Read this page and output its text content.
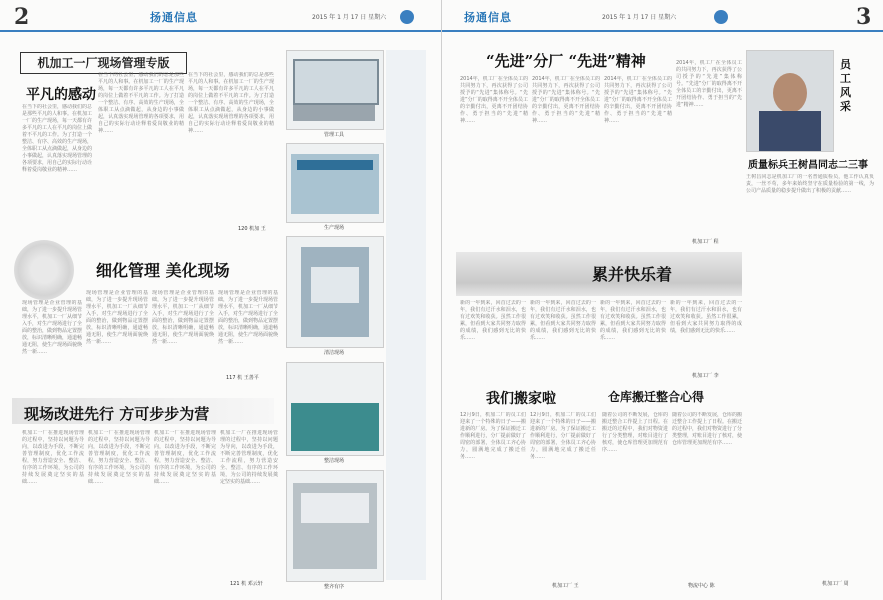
2	扬通信息	2015 年 1 月 17 日 星期六
机加工一厂现场管理专版
平凡的感动
在当下的社会里，感动我们的总是那些平凡的人和事。在机加工一厂的生产现场，每一天都有许多平凡的工人在平凡的岗位上做着不平凡的工作。为了打造一个整洁、有序、高效的生产现场，全体职工从点滴做起，从身边的小事做起，认真落实现场管理的各项要求，用自己的实际行动诠释着爱岗敬业的精神……
在当下的社会里，感动我们的总是那些平凡的人和事。在机加工一厂的生产现场，每一天都有许多平凡的工人在平凡的岗位上做着不平凡的工作。为了打造一个整洁、有序、高效的生产现场，全体职工从点滴做起，从身边的小事做起，认真落实现场管理的各项要求，用自己的实际行动诠释着爱岗敬业的精神……
在当下的社会里，感动我们的总是那些平凡的人和事。在机加工一厂的生产现场，每一天都有许多平凡的工人在平凡的岗位上做着不平凡的工作。为了打造一个整洁、有序、高效的生产现场，全体职工从点滴做起，从身边的小事做起，认真落实现场管理的各项要求，用自己的实际行动诠释着爱岗敬业的精神……
120 机加 王
细化管理 美化现场
现场管理是企业管理的基础，为了进一步提升现场管理水平，机加工一厂从细节入手，对生产现场进行了全面的整治，做到物品定置摆放，标识清晰明确，通道畅通无阻，使生产现场面貌焕然一新……
现场管理是企业管理的基础，为了进一步提升现场管理水平，机加工一厂从细节入手，对生产现场进行了全面的整治，做到物品定置摆放，标识清晰明确，通道畅通无阻，使生产现场面貌焕然一新……
现场管理是企业管理的基础，为了进一步提升现场管理水平，机加工一厂从细节入手，对生产现场进行了全面的整治，做到物品定置摆放，标识清晰明确，通道畅通无阻，使生产现场面貌焕然一新……
现场管理是企业管理的基础，为了进一步提升现场管理水平，机加工一厂从细节入手，对生产现场进行了全面的整治，做到物品定置摆放，标识清晰明确，通道畅通无阻，使生产现场面貌焕然一新……
117 机 王善平
现场改进先行 方可步步为营
机加工一厂在推进现场管理的过程中，坚持以问题为导向，以改进为手段，不断完善管理制度，优化工作流程，努力营造安全、整洁、有序的工作环境，为公司的持续发展奠定坚实的基础……
机加工一厂在推进现场管理的过程中，坚持以问题为导向，以改进为手段，不断完善管理制度，优化工作流程，努力营造安全、整洁、有序的工作环境，为公司的持续发展奠定坚实的基础……
机加工一厂在推进现场管理的过程中，坚持以问题为导向，以改进为手段，不断完善管理制度，优化工作流程，努力营造安全、整洁、有序的工作环境，为公司的持续发展奠定坚实的基础……
机加工一厂在推进现场管理的过程中，坚持以问题为导向，以改进为手段，不断完善管理制度，优化工作流程，努力营造安全、整洁、有序的工作环境，为公司的持续发展奠定坚实的基础……
121 机 邓云轩
管理工具
生产现场
清洁现场
整洁现场
整齐有序
扬通信息	2015 年 1 月 17 日 星期六	3
“先进”分厂 “先进”精神
2014年，机工厂在全体员工的共同努力下，再次获得了公司授予的“先进”集体称号。“先进”分厂的取得离不开全体员工的辛勤付出，更离不开团结协作、勇于担当的“先进”精神……
2014年，机工厂在全体员工的共同努力下，再次获得了公司授予的“先进”集体称号。“先进”分厂的取得离不开全体员工的辛勤付出，更离不开团结协作、勇于担当的“先进”精神……
2014年，机工厂在全体员工的共同努力下，再次获得了公司授予的“先进”集体称号。“先进”分厂的取得离不开全体员工的辛勤付出，更离不开团结协作、勇于担当的“先进”精神……
2014年，机工厂在全体员工的共同努力下，再次获得了公司授予的“先进”集体称号。“先进”分厂的取得离不开全体员工的辛勤付出，更离不开团结协作、勇于担当的“先进”精神……
机加工厂 程
员工风采
质量标兵王树昌同志二三事
王树昌同志是机加工厂的一名普通质检员，他工作认真负责，一丝不苟，多年来始终坚守在质量检验的第一线，为公司产品质量的稳步提升做出了积极的贡献……
机加工厂 周
累并快乐着
新的一年到来，回首过去的一年，我们有过汗水和泪水，也有过欢笑和收获。虽然工作很累，但看到大家共同努力取得的成绩，我们感到无比的快乐……
新的一年到来，回首过去的一年，我们有过汗水和泪水，也有过欢笑和收获。虽然工作很累，但看到大家共同努力取得的成绩，我们感到无比的快乐……
新的一年到来，回首过去的一年，我们有过汗水和泪水，也有过欢笑和收获。虽然工作很累，但看到大家共同努力取得的成绩，我们感到无比的快乐……
新的一年到来，回首过去的一年，我们有过汗水和泪水，也有过欢笑和收获。虽然工作很累，但看到大家共同努力取得的成绩，我们感到无比的快乐……
机加工厂 李
我们搬家啦
12月9日，机加二厂的员工们迎来了一个特殊的日子——搬进新的厂房。为了保证搬迁工作顺利进行，分厂提前做好了周密的部署，全体员工齐心协力，圆满地完成了搬迁任务……
12月9日，机加二厂的员工们迎来了一个特殊的日子——搬进新的厂房。为了保证搬迁工作顺利进行，分厂提前做好了周密的部署，全体员工齐心协力，圆满地完成了搬迁任务……
机加工厂 王
仓库搬迁整合心得
随着公司的不断发展，仓库的搬迁整合工作提上了日程。在搬迁的过程中，我们对物资进行了分类整理，对账目进行了核对，使仓库管理更加规范有序……
随着公司的不断发展，仓库的搬迁整合工作提上了日程。在搬迁的过程中，我们对物资进行了分类整理，对账目进行了核对，使仓库管理更加规范有序……
物流中心 陈
